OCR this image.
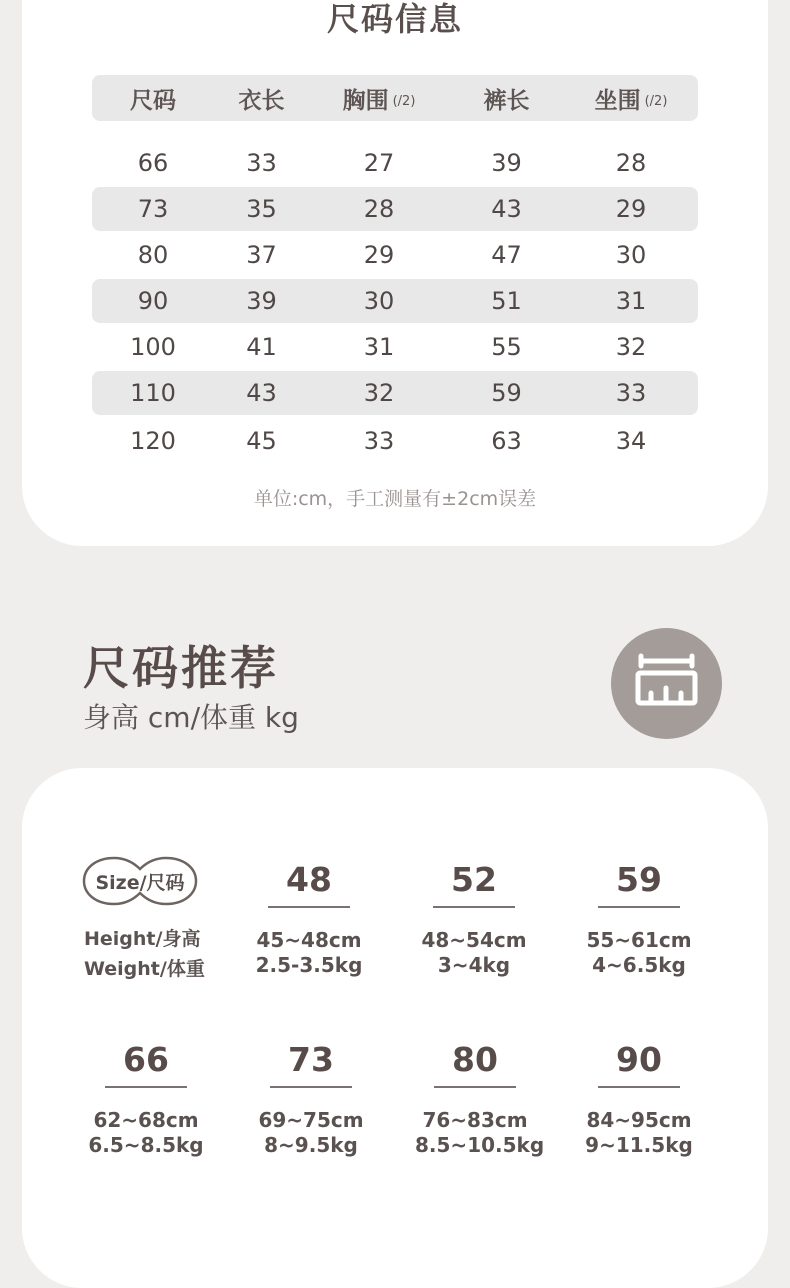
尺码信息
尺码	衣长	胸围 (/2)	裤长	坐围 (/2)
66	33	27	39	28
73	35	28	43	29
80	37	29	47	30
90	39	30	51	31
100	41	31	55	32
110	43	32	59	33
120	45	33	63	34
单位:cm，手工测量有±2cm误差
尺码推荐
身高 cm/体重 kg
Size/尺码
Height/身高
Weight/体重
48
45~48cm
2.5-3.5kg
52
48~54cm
3~4kg
59
55~61cm
4~6.5kg
66
62~68cm
6.5~8.5kg
73
69~75cm
8~9.5kg
80
76~83cm
8.5~10.5kg
90
84~95cm
9~11.5kg
